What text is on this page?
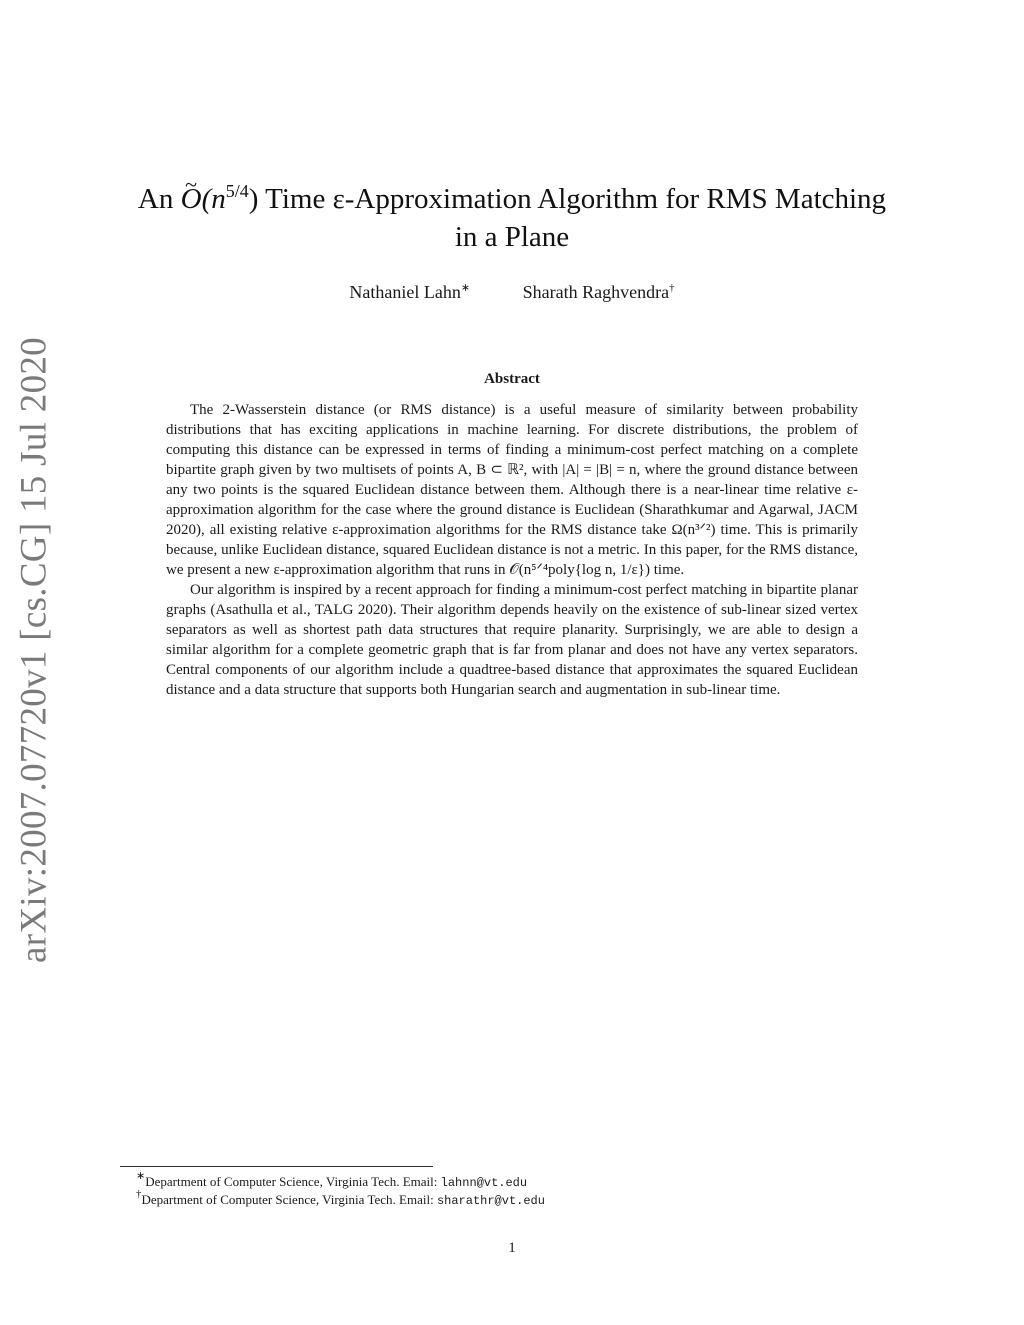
arXiv:2007.07720v1 [cs.CG] 15 Jul 2020
An ~ $O(n^{5/4})$ Time ε-Approximation Algorithm for RMS Matching
in a Plane
Nathaniel Lahn∗	Sharath Raghvendra†
Abstract

The 2-Wasserstein distance (or RMS distance) is a useful measure of similarity between probability distributions that has exciting applications in machine learning. For discrete distributions, the problem of computing this distance can be expressed in terms of finding a minimum-cost perfect matching on a complete bipartite graph given by two multisets of points A, B ⊂ ℝ², with |A| = |B| = n, where the ground distance between any two points is the squared Euclidean distance between them. Although there is a near-linear time relative ε-approximation algorithm for the case where the ground distance is Euclidean (Sharathkumar and Agarwal, JACM 2020), all existing relative ε-approximation algorithms for the RMS distance take Ω(n³ᐟ²) time. This is primarily because, unlike Euclidean distance, squared Euclidean distance is not a metric. In this paper, for the RMS distance, we present a new ε-approximation algorithm that runs in 𝒪(n⁵ᐟ⁴poly{log n, 1/ε}) time.

Our algorithm is inspired by a recent approach for finding a minimum-cost perfect matching in bipartite planar graphs (Asathulla et al., TALG 2020). Their algorithm depends heavily on the existence of sub-linear sized vertex separators as well as shortest path data structures that require planarity. Surprisingly, we are able to design a similar algorithm for a complete geometric graph that is far from planar and does not have any vertex separators. Central components of our algorithm include a quadtree-based distance that approximates the squared Euclidean distance and a data structure that supports both Hungarian search and augmentation in sub-linear time.

∗Department of Computer Science, Virginia Tech. Email: lahnn@vt.edu
†Department of Computer Science, Virginia Tech. Email: sharathr@vt.edu
1
